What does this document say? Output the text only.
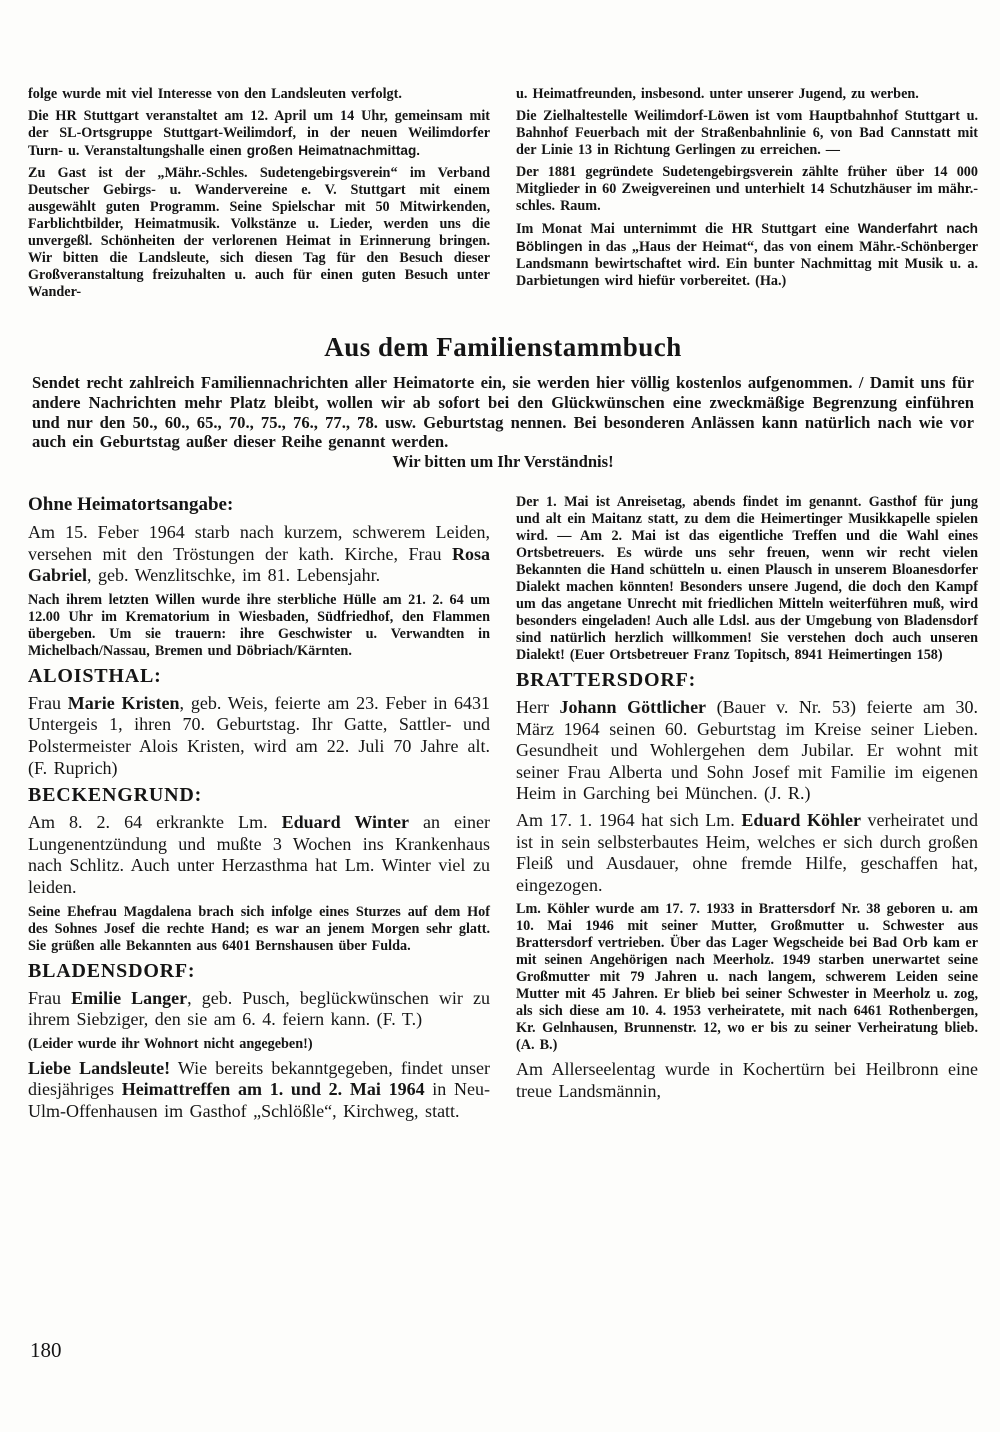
folge wurde mit viel Interesse von den Landsleuten verfolgt.
Die HR Stuttgart veranstaltet am 12. April um 14 Uhr, gemeinsam mit der SL-Ortsgruppe Stuttgart-Weilimdorf, in der neuen Weilimdorfer Turn- u. Veranstaltungshalle einen großen Heimatnachmittag.
Zu Gast ist der „Mähr.-Schles. Sudetengebirgsverein“ im Verband Deutscher Gebirgs- u. Wandervereine e. V. Stuttgart mit einem ausgewählt guten Programm. Seine Spielschar mit 50 Mitwirkenden, Farblichtbilder, Heimatmusik. Volkstänze u. Lieder, werden uns die unvergeßl. Schönheiten der verlorenen Heimat in Erinnerung bringen. Wir bitten die Landsleute, sich diesen Tag für den Besuch dieser Großveranstaltung freizuhalten u. auch für einen guten Besuch unter Wander-
u. Heimatfreunden, insbesond. unter unserer Jugend, zu werben.
Die Zielhaltestelle Weilimdorf-Löwen ist vom Hauptbahnhof Stuttgart u. Bahnhof Feuerbach mit der Straßenbahnlinie 6, von Bad Cannstatt mit der Linie 13 in Richtung Gerlingen zu erreichen. —
Der 1881 gegründete Sudetengebirgsverein zählte früher über 14 000 Mitglieder in 60 Zweigvereinen und unterhielt 14 Schutzhäuser im mähr.-schles. Raum.
Im Monat Mai unternimmt die HR Stuttgart eine Wanderfahrt nach Böblingen in das „Haus der Heimat“, das von einem Mähr.-Schönberger Landsmann bewirtschaftet wird. Ein bunter Nachmittag mit Musik u. a. Darbietungen wird hiefür vorbereitet. (Ha.)
Aus dem Familienstammbuch
Sendet recht zahlreich Familiennachrichten aller Heimatorte ein, sie werden hier völlig kostenlos aufgenommen. / Damit uns für andere Nachrichten mehr Platz bleibt, wollen wir ab sofort bei den Glückwünschen eine zweckmäßige Begrenzung einführen und nur den 50., 60., 65., 70., 75., 76., 77., 78. usw. Geburtstag nennen. Bei besonderen Anlässen kann natürlich nach wie vor auch ein Geburtstag außer dieser Reihe genannt werden.
Wir bitten um Ihr Verständnis!
Ohne Heimatortsangabe:
Am 15. Feber 1964 starb nach kurzem, schwerem Leiden, versehen mit den Tröstungen der kath. Kirche, Frau Rosa Gabriel, geb. Wenzlitschke, im 81. Lebensjahr.
Nach ihrem letzten Willen wurde ihre sterbliche Hülle am 21. 2. 64 um 12.00 Uhr im Krematorium in Wiesbaden, Südfriedhof, den Flammen übergeben. Um sie trauern: ihre Geschwister u. Verwandten in Michelbach/Nassau, Bremen und Döbriach/Kärnten.
ALOISTHAL:
Frau Marie Kristen, geb. Weis, feierte am 23. Feber in 6431 Untergeis 1, ihren 70. Geburtstag. Ihr Gatte, Sattler- und Polstermeister Alois Kristen, wird am 22. Juli 70 Jahre alt. (F. Ruprich)
BECKENGRUND:
Am 8. 2. 64 erkrankte Lm. Eduard Winter an einer Lungenentzündung und mußte 3 Wochen ins Krankenhaus nach Schlitz. Auch unter Herzasthma hat Lm. Winter viel zu leiden.
Seine Ehefrau Magdalena brach sich infolge eines Sturzes auf dem Hof des Sohnes Josef die rechte Hand; es war an jenem Morgen sehr glatt. Sie grüßen alle Bekannten aus 6401 Bernshausen über Fulda.
BLADENSDORF:
Frau Emilie Langer, geb. Pusch, beglückwünschen wir zu ihrem Siebziger, den sie am 6. 4. feiern kann. (F. T.)
(Leider wurde ihr Wohnort nicht angegeben!)
Liebe Landsleute! Wie bereits bekanntgegeben, findet unser diesjähriges Heimattreffen am 1. und 2. Mai 1964 in Neu-Ulm-Offenhausen im Gasthof „Schlößle“, Kirchweg, statt.
Der 1. Mai ist Anreisetag, abends findet im genannt. Gasthof für jung und alt ein Maitanz statt, zu dem die Heimertinger Musikkapelle spielen wird. — Am 2. Mai ist das eigentliche Treffen und die Wahl eines Ortsbetreuers. Es würde uns sehr freuen, wenn wir recht vielen Bekannten die Hand schütteln u. einen Plausch in unserem Bloanesdorfer Dialekt machen könnten! Besonders unsere Jugend, die doch den Kampf um das angetane Unrecht mit friedlichen Mitteln weiterführen muß, wird besonders eingeladen! Auch alle Ldsl. aus der Umgebung von Bladensdorf sind natürlich herzlich willkommen! Sie verstehen doch auch unseren Dialekt! (Euer Ortsbetreuer Franz Topitsch, 8941 Heimertingen 158)
BRATTERSDORF:
Herr Johann Göttlicher (Bauer v. Nr. 53) feierte am 30. März 1964 seinen 60. Geburtstag im Kreise seiner Lieben. Gesundheit und Wohlergehen dem Jubilar. Er wohnt mit seiner Frau Alberta und Sohn Josef mit Familie im eigenen Heim in Garching bei München. (J. R.)
Am 17. 1. 1964 hat sich Lm. Eduard Köhler verheiratet und ist in sein selbsterbautes Heim, welches er sich durch großen Fleiß und Ausdauer, ohne fremde Hilfe, geschaffen hat, eingezogen.
Lm. Köhler wurde am 17. 7. 1933 in Brattersdorf Nr. 38 geboren u. am 10. Mai 1946 mit seiner Mutter, Großmutter u. Schwester aus Brattersdorf vertrieben. Über das Lager Wegscheide bei Bad Orb kam er mit seinen Angehörigen nach Meerholz. 1949 starben unerwartet seine Großmutter mit 79 Jahren u. nach langem, schwerem Leiden seine Mutter mit 45 Jahren. Er blieb bei seiner Schwester in Meerholz u. zog, als sich diese am 10. 4. 1953 verheiratete, mit nach 6461 Rothenbergen, Kr. Gelnhausen, Brunnenstr. 12, wo er bis zu seiner Verheiratung blieb. (A. B.)
Am Allerseelentag wurde in Kochertürn bei Heilbronn eine treue Landsmännin,
180
